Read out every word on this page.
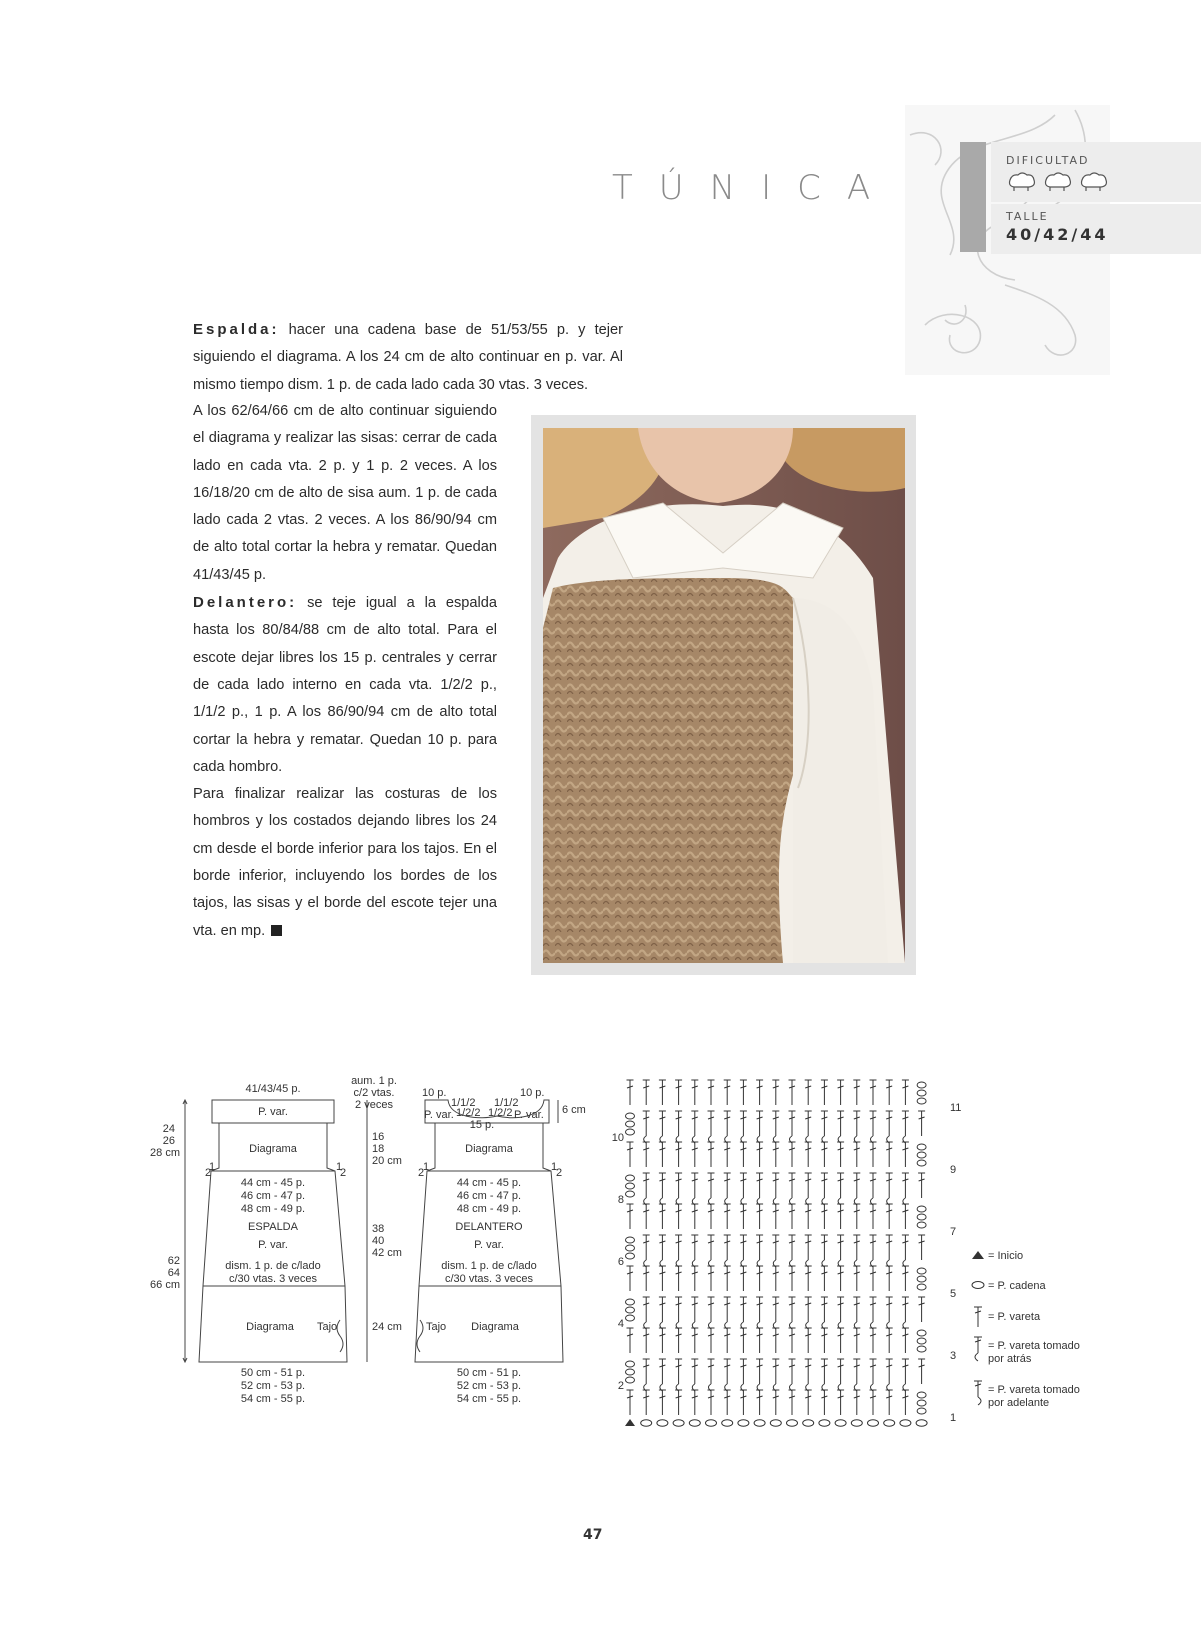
TÚNICA
DIFICULTAD
TALLE
40/42/44
Espalda: hacer una cadena base de 51/53/55 p. y tejer siguiendo el diagrama. A los 24 cm de alto continuar en p. var. Al mismo tiempo dism. 1 p. de cada lado cada 30 vtas. 3 veces.
A los 62/64/66 cm de alto continuar siguiendo el diagrama y realizar las sisas: cerrar de cada lado en cada vta. 2 p. y 1 p. 2 veces. A los 16/18/20 cm de alto de sisa aum. 1 p. de cada lado cada 2 vtas. 2 veces. A los 86/90/94 cm de alto total cortar la hebra y rematar. Quedan 41/43/45 p.
Delantero: se teje igual a la espalda hasta los 80/84/88 cm de alto total. Para el escote dejar libres los 15 p. centrales y cerrar de cada lado interno en cada vta. 1/2/2 p., 1/1/2 p., 1 p. A los 86/90/94 cm de alto total cortar la hebra y rematar. Quedan 10 p. para cada hombro.
Para finalizar realizar las costuras de los hombros y los costados dejando libres los 24 cm desde el borde inferior para los tajos. En el borde inferior, incluyendo los bordes de los tajos, las sisas y el borde del escote tejer una vta. en mp.
41/43/45 p.
P. var.
Diagrama
24
26
28 cm
2
1	1
2
44 cm - 45 p.
46 cm - 47 p.
48 cm - 49 p.
ESPALDA
P. var.
dism. 1 p. de c/lado
c/30 vtas. 3 veces
62
64
66 cm
Diagrama Tajo
50 cm - 51 p.
52 cm - 53 p.
54 cm - 55 p.
aum. 1 p.
c/2 vtas.
2 veces
16
18
20 cm
38
40
42 cm
24 cm
10 p.	10 p.
1/1/2
1/2/2 1/2/2
1/1/2
15 p.
P. var.	P. var. 6 cm
Diagrama
2
1	1
2
44 cm - 45 p.
46 cm - 47 p.
48 cm - 49 p.
DELANTERO
P. var.
dism. 1 p. de c/lado
c/30 vtas. 3 veces
Tajo Diagrama
50 cm - 51 p.
52 cm - 53 p.
54 cm - 55 p.
2
4
6
8
10
11
9
7
5
3
1
= Inicio
= P. cadena
= P. vareta
= P. vareta tomado
por atrás
= P. vareta tomado
por adelante
47
